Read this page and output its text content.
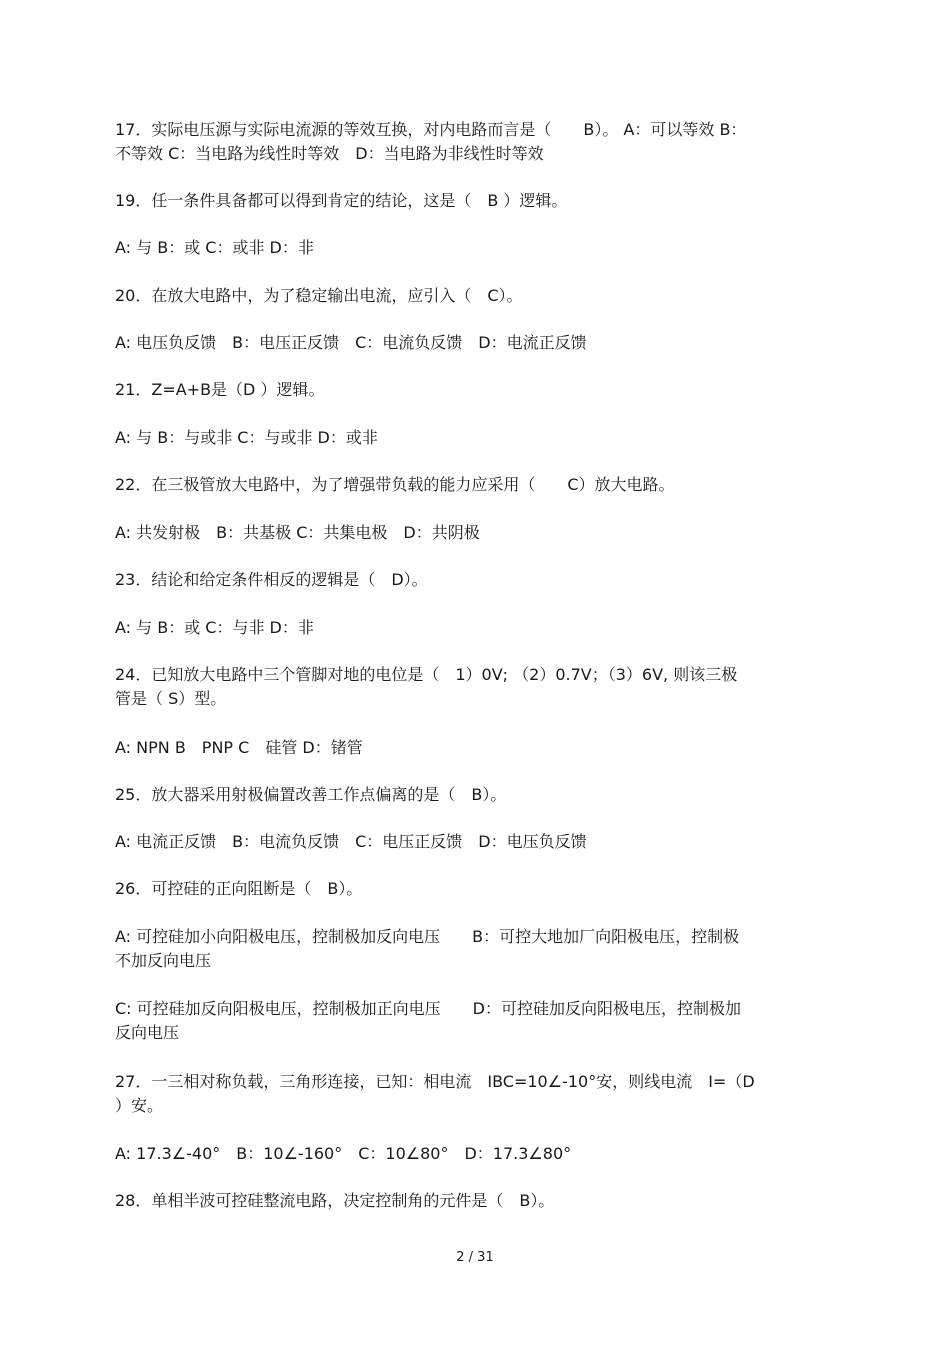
17．实际电压源与实际电流源的等效互换，对内电路而言是（　　B）。 A：可以等效 B：
不等效 C：当电路为线性时等效　D：当电路为非线性时等效
19．任一条件具备都可以得到肯定的结论，这是（　B ）逻辑。
A: 与 B：或 C：或非 D：非
20．在放大电路中，为了稳定输出电流，应引入（　C）。
A: 电压负反馈　B：电压正反馈　C：电流负反馈　D：电流正反馈
21．Z=A+B是（D ）逻辑。
A: 与 B：与或非 C：与或非 D：或非
22．在三极管放大电路中，为了增强带负载的能力应采用（　　C）放大电路。
A: 共发射极　B：共基极 C：共集电极　D：共阴极
23．结论和给定条件相反的逻辑是（　D）。
A: 与 B：或 C：与非 D：非
24．已知放大电路中三个管脚对地的电位是（　1）0V; （2）0.7V；（3）6V, 则该三极
管是（ S）型。
A: NPN B　PNP C　硅管 D：锗管
25．放大器采用射极偏置改善工作点偏离的是（　B）。
A: 电流正反馈　B：电流负反馈　C：电压正反馈　D：电压负反馈
26．可控硅的正向阻断是（　B）。
A: 可控硅加小向阳极电压，控制极加反向电压　　B：可控大地加厂向阳极电压，控制极
不加反向电压
C: 可控硅加反向阳极电压，控制极加正向电压　　D：可控硅加反向阳极电压，控制极加
反向电压
27．一三相对称负载，三角形连接，已知：相电流　IBC=10∠-10°安，则线电流　I=（D
）安。
A: 17.3∠-40°　B：10∠-160°　C：10∠80°　D：17.3∠80°
28．单相半波可控硅整流电路，决定控制角的元件是（　B）。
2 / 31
